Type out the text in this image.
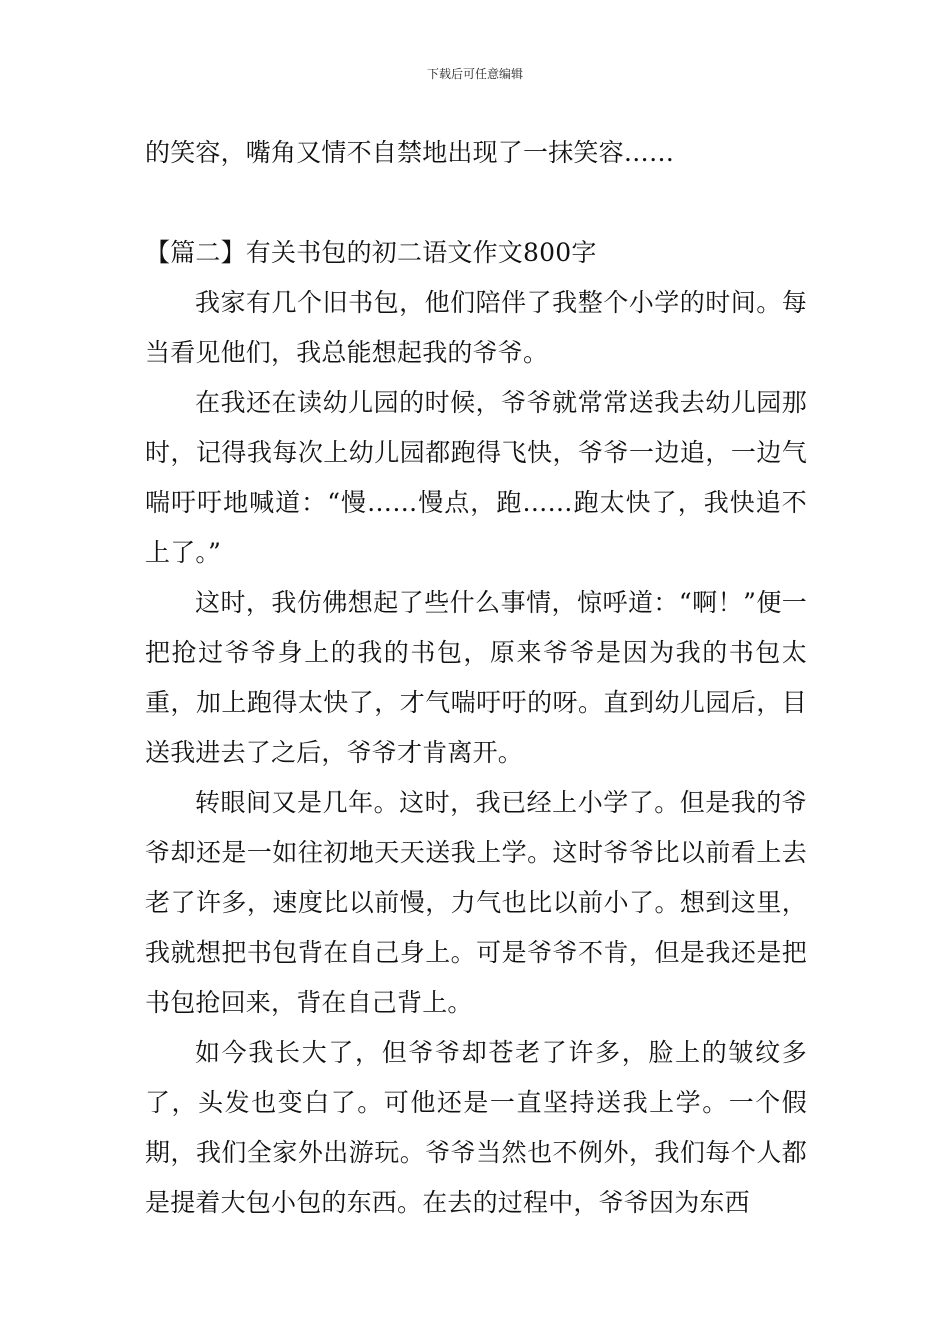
下载后可任意编辑

的笑容，嘴角又情不自禁地出现了一抹笑容……

【篇二】有关书包的初二语文作文800字

我家有几个旧书包，他们陪伴了我整个小学的时间。每当看见他们，我总能想起我的爷爷。

在我还在读幼儿园的时候，爷爷就常常送我去幼儿园那时，记得我每次上幼儿园都跑得飞快，爷爷一边追，一边气喘吁吁地喊道：“慢……慢点，跑……跑太快了，我快追不上了。”

这时，我仿佛想起了些什么事情，惊呼道：“啊！”便一把抢过爷爷身上的我的书包，原来爷爷是因为我的书包太重，加上跑得太快了，才气喘吁吁的呀。直到幼儿园后，目送我进去了之后，爷爷才肯离开。

转眼间又是几年。这时，我已经上小学了。但是我的爷爷却还是一如往初地天天送我上学。这时爷爷比以前看上去老了许多，速度比以前慢，力气也比以前小了。想到这里，我就想把书包背在自己身上。可是爷爷不肯，但是我还是把书包抢回来，背在自己背上。

如今我长大了，但爷爷却苍老了许多，脸上的皱纹多了，头发也变白了。可他还是一直坚持送我上学。一个假期，我们全家外出游玩。爷爷当然也不例外，我们每个人都是提着大包小包的东西。在去的过程中，爷爷因为东西
